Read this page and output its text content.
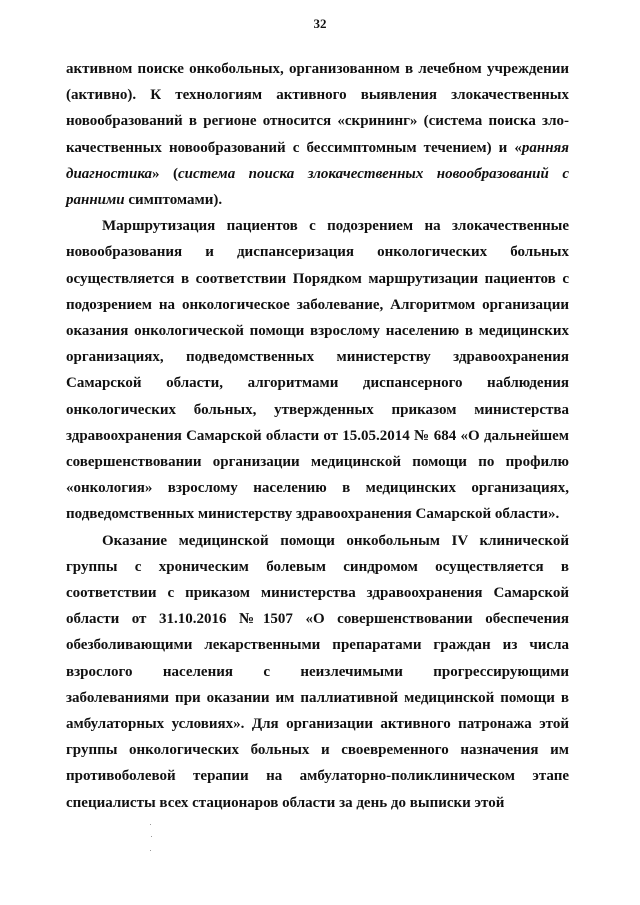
32

активном поиске онкобольных, организованном в лечебном учреждении (активно). К технологиям активного выявления злокачественных новообразований в регионе относится «скрининг» (система поиска зло-качественных новообразований с бессимптомным течением) и «ранняя диагностика» (система поиска злокачественных новообразований с ранними симптомами).

Маршрутизация пациентов с подозрением на злокачественные новообразования и диспансеризация онкологических больных осуществляется в соответствии Порядком маршрутизации пациентов с подозрением на онкологическое заболевание, Алгоритмом организации оказания онкологической помощи взрослому населению в медицинских организациях, подведомственных министерству здравоохранения Самарской области, алгоритмами диспансерного наблюдения онкологических больных, утвержденных приказом министерства здравоохранения Самарской области от 15.05.2014 № 684 «О дальнейшем совершенствовании организации медицинской помощи по профилю «онкология» взрослому населению в медицинских организациях, подведомственных министерству здравоохранения Самарской области».

Оказание медицинской помощи онкобольным IV клинической группы с хроническим болевым синдромом осуществляется в соответствии с приказом министерства здравоохранения Самарской области от 31.10.2016 №1507 «О совершенствовании обеспечения обезболивающими лекарственными препаратами граждан из числа взрослого населения с неизлечимыми прогрессирующими заболеваниями при оказании им паллиативной медицинской помощи в амбулаторных условиях». Для организации активного патронажа этой группы онкологических больных и своевременного назначения им противоболевой терапии на амбулаторно-поликлиническом этапе специалисты всех стационаров области за день до выписки этой
